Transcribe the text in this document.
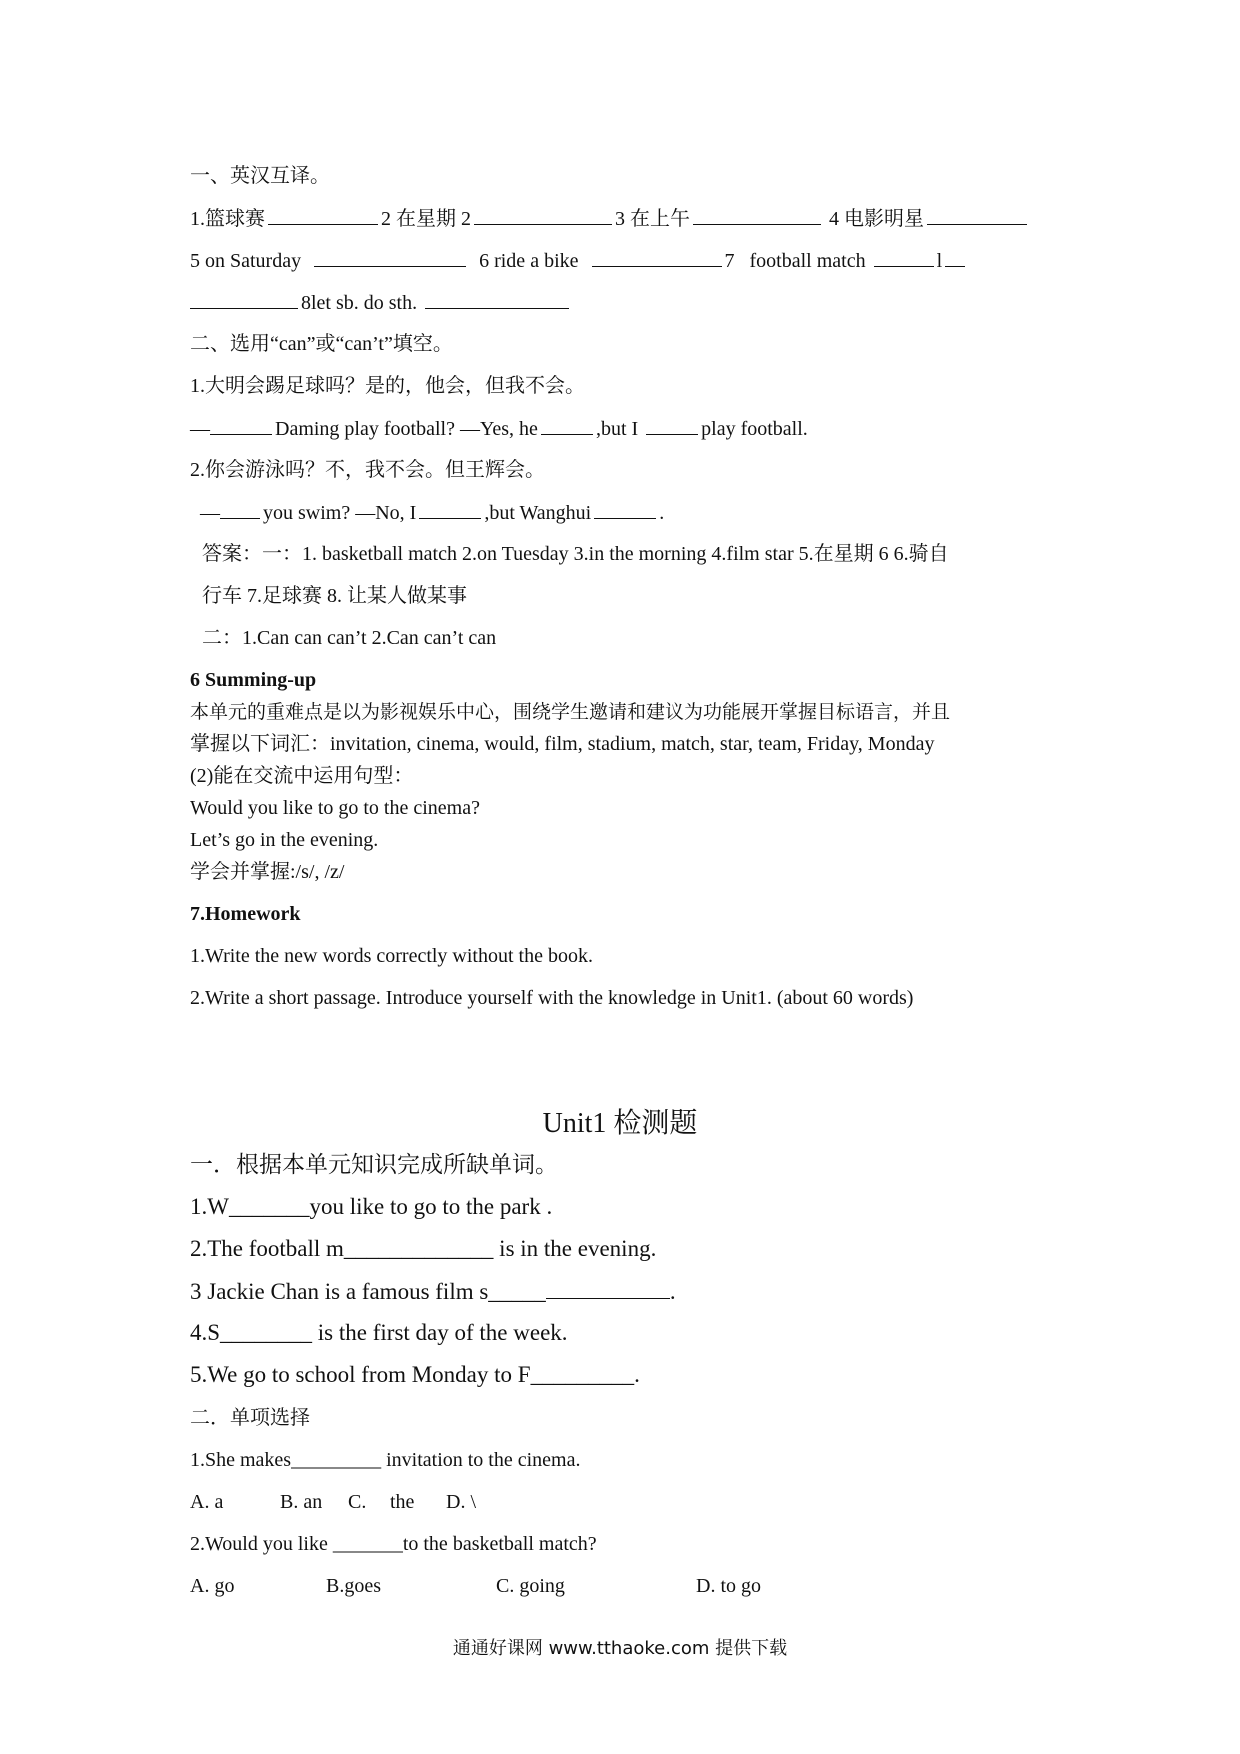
一、英汉互译。
1.篮球赛	2 在星期 2	3 在上午	4 电影明星
5 on Saturday	6 ride a bike	7 football match	l
8let sb. do sth.
二、选用“can”或“can’t”填空。
1.大明会踢足球吗？是的，他会，但我不会。
—	Daming play football? —Yes, he	,but I	play football.
2.你会游泳吗？不，我不会。但王辉会。
— you swim? —No, I	,but Wanghui	.
答案：一：1. basketball match 2.on Tuesday 3.in the morning 4.film star 5.在星期 6 6.骑自
行车 7.足球赛 8. 让某人做某事
二：1.Can can can’t 2.Can can’t can
6 Summing-up
本单元的重难点是以为影视娱乐中心，围绕学生邀请和建议为功能展开掌握目标语言，并且
掌握以下词汇：invitation, cinema, would, film, stadium, match, star, team, Friday, Monday
(2)能在交流中运用句型：
Would you like to go to the cinema?
Let’s go in the evening.
学会并掌握:/s/, /z/
7.Homework
1.Write the new words correctly without the book.
2.Write a short passage. Introduce yourself with the knowledge in Unit1. (about 60 words)
Unit1 检测题
一．根据本单元知识完成所缺单词。
1.W_______you like to go to the park .
2.The football m_____________ is in the evening.
3 Jackie Chan is a famous film s_____	.
4.S________ is the first day of the week.
5.We go to school from Monday to F_________.
二．单项选择
1.She makes_________ invitation to the cinema.
A. a	B. an C. the D. \
2.Would you like _______to the basketball match?
A. go	B.goes	C. going	D. to go
通通好课网 www.tthaoke.com 提供下载
